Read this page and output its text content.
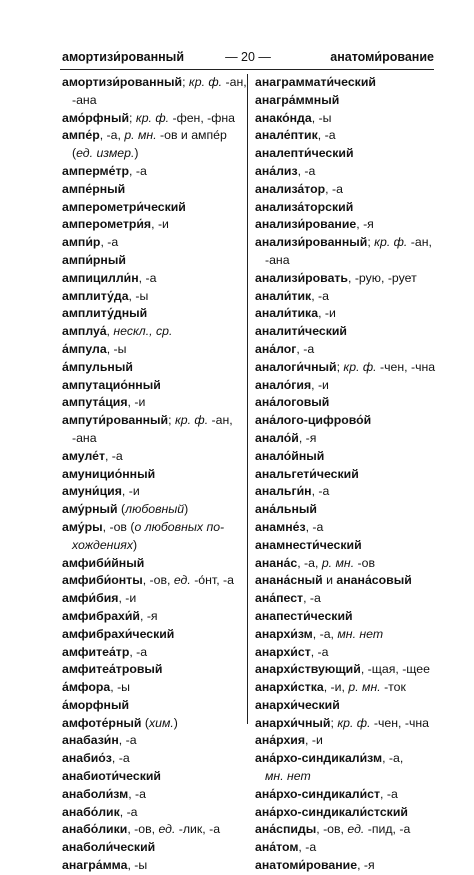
амортизи́рованный	— 20 —	анатоми́рование
амортизи́рованный; кр. ф. -ан,
-ана
амо́рфный; кр. ф. -фен, -фна
ампе́р, -а, р. мн. -ов и ампе́р
(ед. измер.)
амперме́тр, -а
ампе́рный
амперометри́ческий
амперометри́я, -и
ампи́р, -а
ампи́рный
ампицилли́н, -а
амплиту́да, -ы
амплиту́дный
амплуа́, нескл., ср.
а́мпула, -ы
а́мпульный
ампутацио́нный
ампута́ция, -и
ампути́рованный; кр. ф. -ан,
-ана
амуле́т, -а
амуницио́нный
амуни́ция, -и
аму́рный (любовный)
аму́ры, -ов (о любовных по-
хождениях)
амфиби́йный
амфиби́онты, -ов, ед. -о́нт, -а
амфи́бия, -и
амфибрахи́й, -я
амфибрахи́ческий
амфитеа́тр, -а
амфитеа́тровый
а́мфора, -ы
а́морфный
амфоте́рный (хим.)
анабази́н, -а
анабио́з, -а
анабиоти́ческий
анаболи́зм, -а
анабо́лик, -а
анабо́лики, -ов, ед. -лик, -а
анаболи́ческий
анагра́мма, -ы
анаграммати́ческий
анагра́ммный
анако́нда, -ы
анале́птик, -а
аналепти́ческий
ана́лиз, -а
анализа́тор, -а
анализа́торский
анализи́рование, -я
анализи́рованный; кр. ф. -ан,
-ана
анализи́ровать, -рую, -рует
анали́тик, -а
анали́тика, -и
аналити́ческий
ана́лог, -а
аналоги́чный; кр. ф. -чен, -чна
анало́гия, -и
ана́логовый
ана́лого-цифрово́й
анало́й, -я
анало́йный
анальгети́ческий
анальги́н, -а
ана́льный
анамне́з, -а
анамнести́ческий
анана́с, -а, р. мн. -ов
анана́сный и анана́совый
ана́пест, -а
анапести́ческий
анархи́зм, -а, мн. нет
анархи́ст, -а
анархи́ствующий, -щая, -щее
анархи́стка, -и, р. мн. -ток
анархи́ческий
анархи́чный; кр. ф. -чен, -чна
ана́рхия, -и
ана́рхо-синдикали́зм, -а,
мн. нет
ана́рхо-синдикали́ст, -а
ана́рхо-синдикали́стский
ана́спиды, -ов, ед. -пид, -а
ана́том, -а
анатоми́рование, -я
